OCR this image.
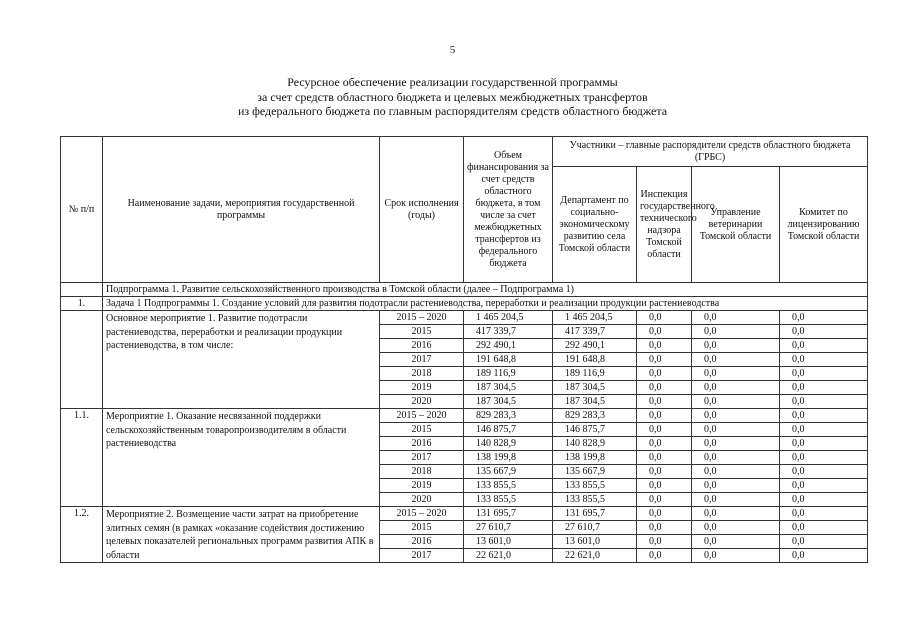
5
Ресурсное обеспечение реализации государственной программы
за счет средств областного бюджета и целевых межбюджетных трансфертов
из федерального бюджета по главным распорядителям средств областного бюджета
№ п/п	Наименование задачи, мероприятия государственной программы	Срок исполнения (годы)	Объем финансирования за счет средств областного бюджета, в том числе за счет межбюджетных трансфертов из федерального бюджета	Участники – главные распорядители средств областного бюджета (ГРБС)			
				Департамент по социально-экономическому развитию села Томской области	Инспекция государственного технического надзора Томской области	Управление ветеринарии Томской области	Комитет по лицензированию Томской области
	Подпрограмма 1. Развитие сельскохозяйственного производства в Томской области (далее – Подпрограмма 1)						
1.	Задача 1 Подпрограммы 1. Создание условий для развития подотрасли растениеводства, переработки и реализации продукции растениеводства						
	Основное мероприятие 1. Развитие подотрасли растениеводства, переработки и реализации продукции растениеводства, в том числе:	2015 – 2020	1 465 204,5	1 465 204,5	0,0	0,0	0,0
		2015	417 339,7	417 339,7	0,0	0,0	0,0
		2016	292 490,1	292 490,1	0,0	0,0	0,0
		2017	191 648,8	191 648,8	0,0	0,0	0,0
		2018	189 116,9	189 116,9	0,0	0,0	0,0
		2019	187 304,5	187 304,5	0,0	0,0	0,0
		2020	187 304,5	187 304,5	0,0	0,0	0,0
1.1.	Мероприятие 1. Оказание несвязанной поддержки сельскохозяйственным товаропроизводителям в области растениеводства	2015 – 2020	829 283,3	829 283,3	0,0	0,0	0,0
		2015	146 875,7	146 875,7	0,0	0,0	0,0
		2016	140 828,9	140 828,9	0,0	0,0	0,0
		2017	138 199,8	138 199,8	0,0	0,0	0,0
		2018	135 667,9	135 667,9	0,0	0,0	0,0
		2019	133 855,5	133 855,5	0,0	0,0	0,0
		2020	133 855,5	133 855,5	0,0	0,0	0,0
1.2.	Мероприятие 2. Возмещение части затрат на приобретение элитных семян (в рамках «оказание содействия достижению целевых показателей региональных программ развития АПК в области	2015 – 2020	131 695,7	131 695,7	0,0	0,0	0,0
		2015	27 610,7	27 610,7	0,0	0,0	0,0
		2016	13 601,0	13 601,0	0,0	0,0	0,0
		2017	22 621,0	22 621,0	0,0	0,0	0,0
